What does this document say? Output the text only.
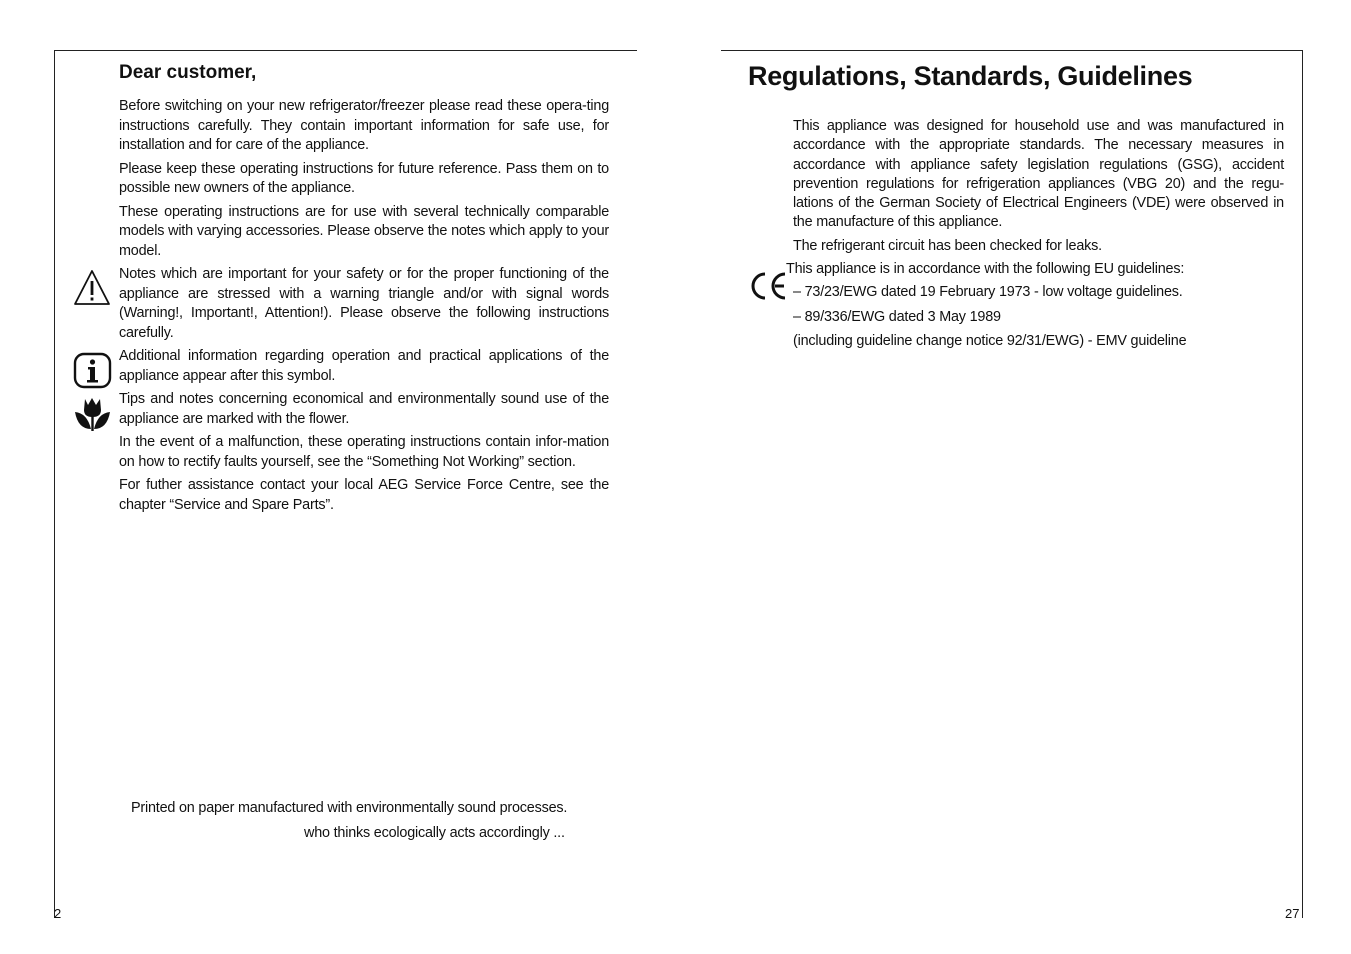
Dear customer,

Before switching on your new refrigerator/freezer please read these opera-ting instructions carefully. They contain important information for safe use, for installation and for care of the appliance.

Please keep these operating instructions for future reference. Pass them on to possible new owners of the appliance.

These operating instructions are for use with several technically comparable models with varying accessories. Please observe the notes which apply to your model.

Notes which are important for your safety or for the proper functioning of the appliance are stressed with a warning triangle and/or with signal words (Warning!, Important!, Attention!). Please observe the following instructions carefully.

Additional information regarding operation and practical applications of the appliance appear after this symbol.

Tips and notes concerning economical and environmentally sound use of the appliance are marked with the flower.

In the event of a malfunction, these operating instructions contain infor-mation on how to rectify faults yourself, see the “Something Not Working” section.

For futher assistance contact your local AEG Service Force Centre, see the chapter “Service and Spare Parts”.

Printed on paper manufactured with environmentally sound processes.
who thinks ecologically acts accordingly ...
2
Regulations, Standards, Guidelines

This appliance was designed for household use and was manufactured in accordance with the appropriate standards. The necessary measures in accordance with appliance safety legislation regulations (GSG), accident prevention regulations for refrigeration appliances (VBG 20) and the regu-lations of the German Society of Electrical Engineers (VDE) were observed in the manufacture of this appliance.

The refrigerant circuit has been checked for leaks.

This appliance is in accordance with the following EU guidelines:

– 73/23/EWG dated 19 February 1973 - low voltage guidelines.

– 89/336/EWG dated 3 May 1989

(including guideline change notice 92/31/EWG) - EMV guideline

27
